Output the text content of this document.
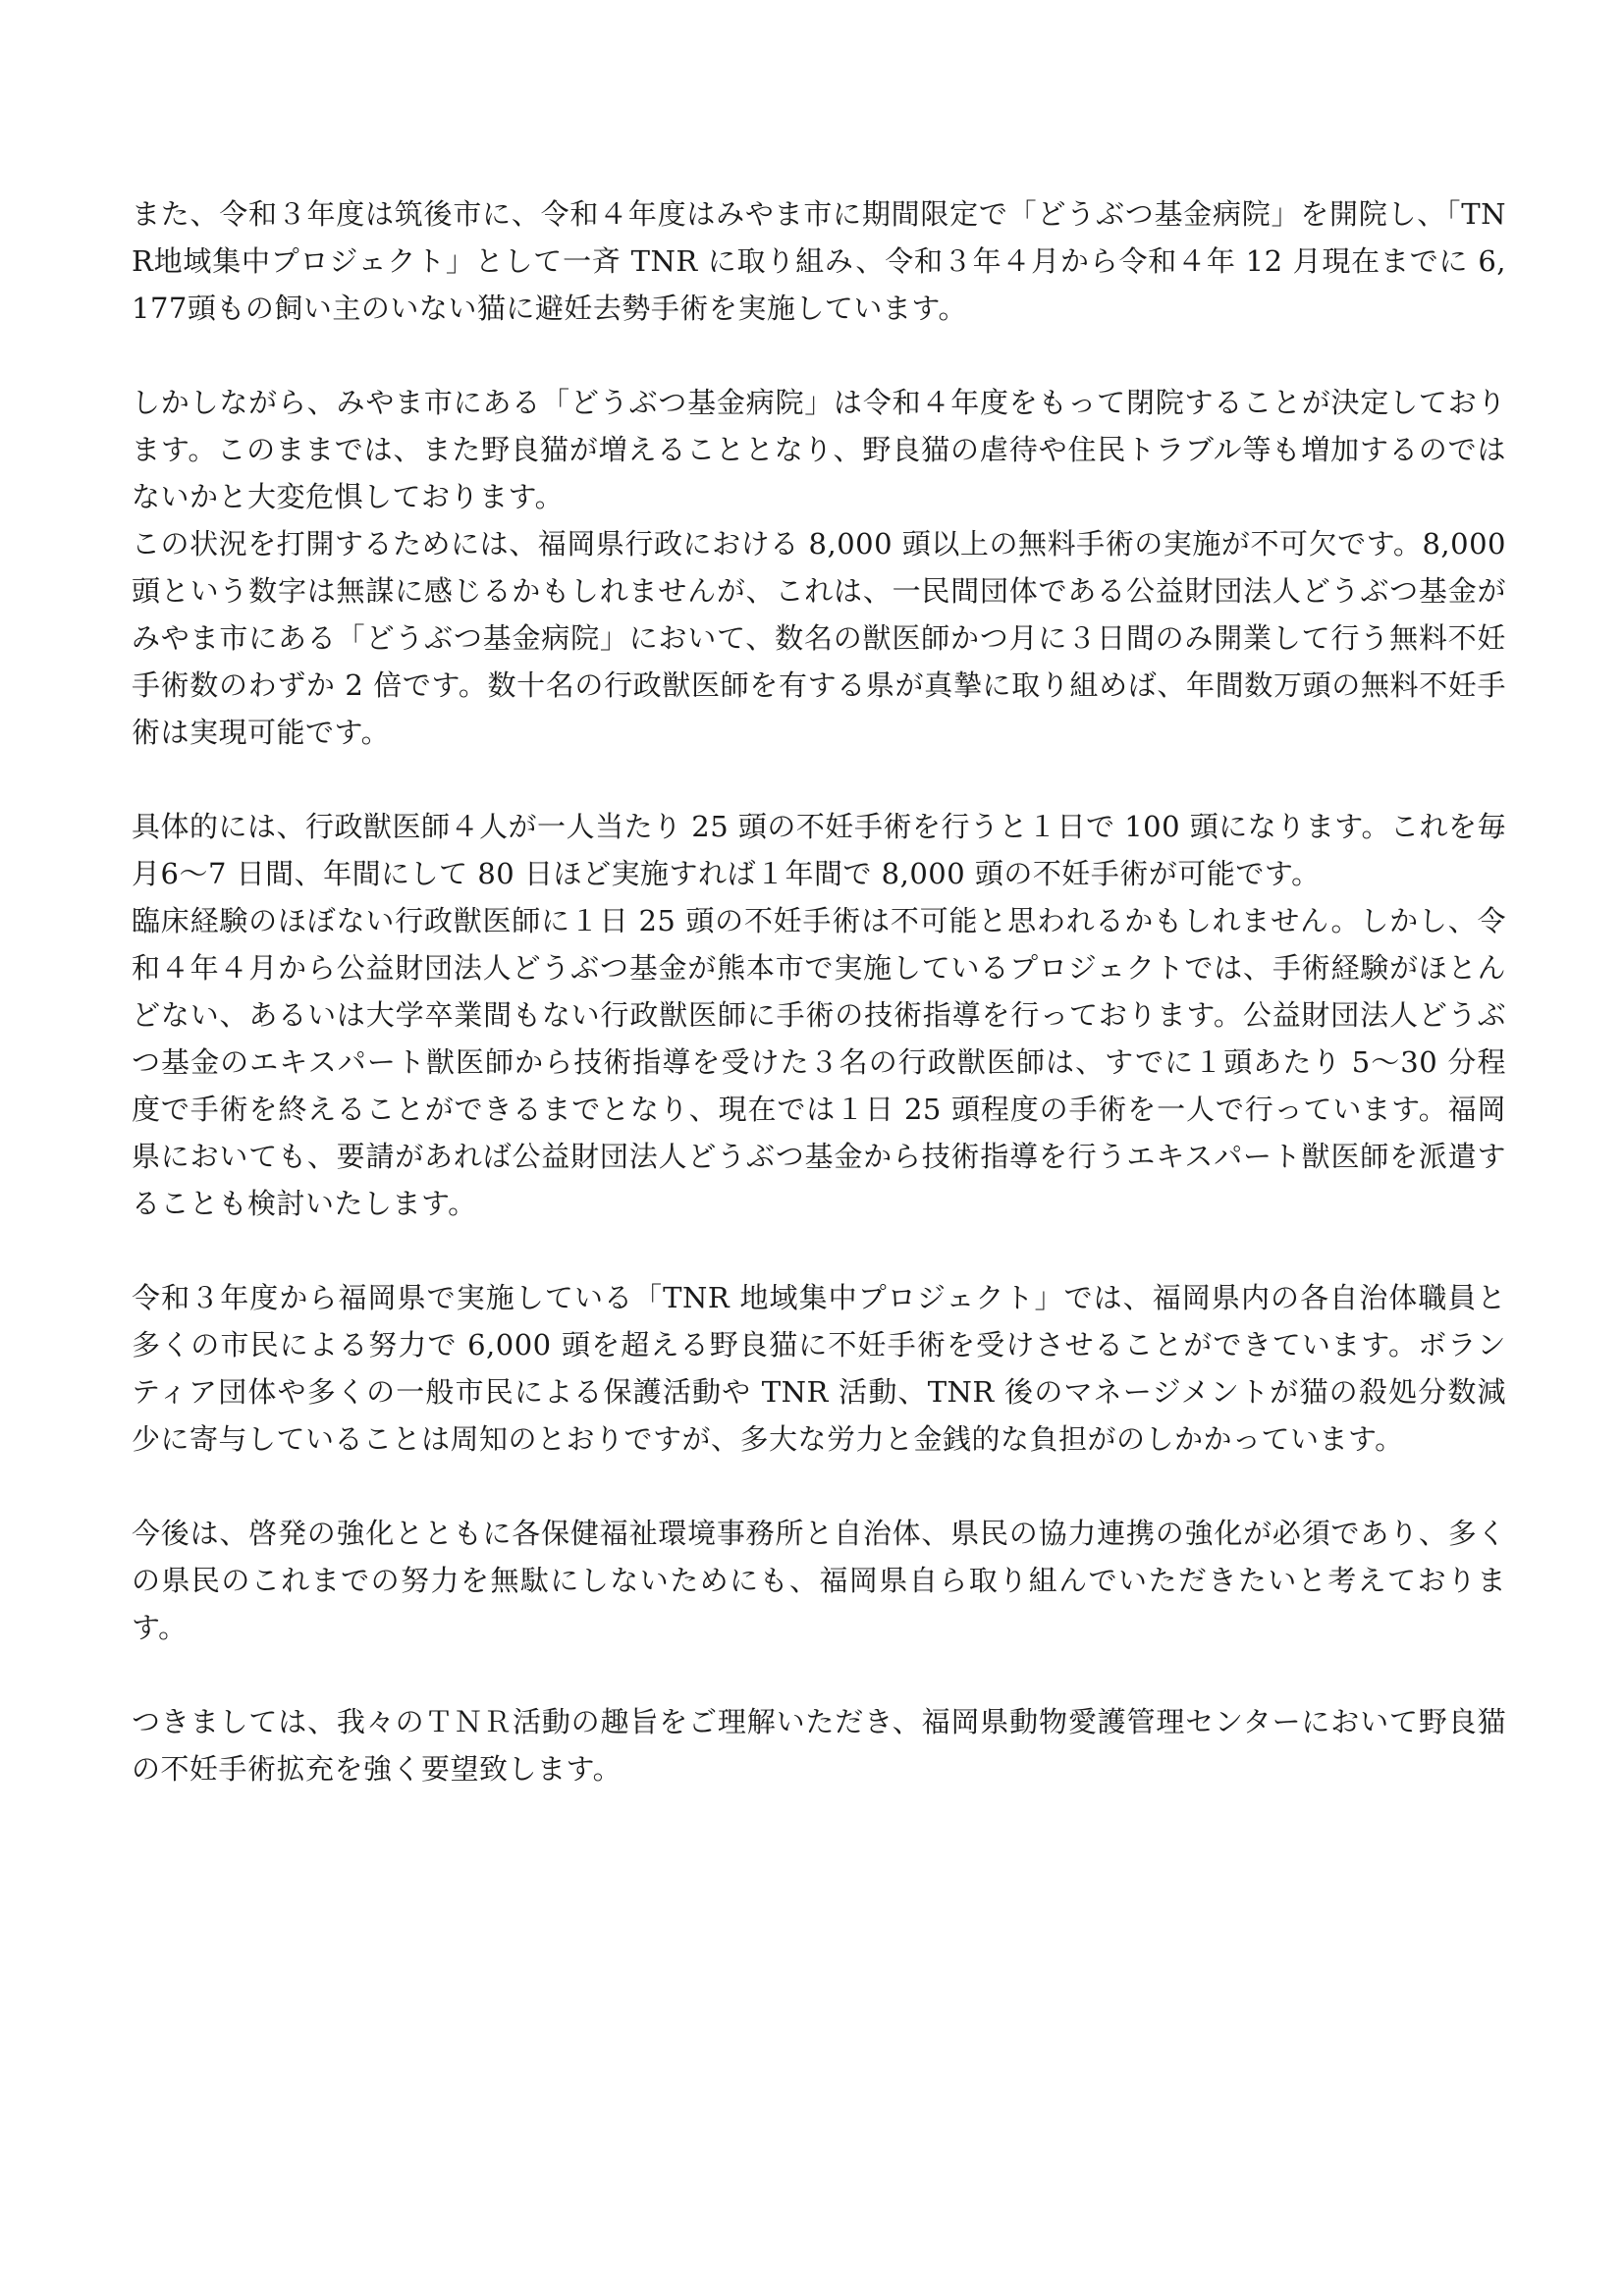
また、令和３年度は筑後市に、令和４年度はみやま市に期間限定で「どうぶつ基金病院」を開院し、「TNR地域集中プロジェクト」として一斉 TNR に取り組み、令和３年４月から令和４年 12 月現在までに 6,177頭もの飼い主のいない猫に避妊去勢手術を実施しています。

しかしながら、みやま市にある「どうぶつ基金病院」は令和４年度をもって閉院することが決定しております。このままでは、また野良猫が増えることとなり、野良猫の虐待や住民トラブル等も増加するのではないかと大変危惧しております。

この状況を打開するためには、福岡県行政における 8,000 頭以上の無料手術の実施が不可欠です。8,000 頭という数字は無謀に感じるかもしれませんが、これは、一民間団体である公益財団法人どうぶつ基金がみやま市にある「どうぶつ基金病院」において、数名の獣医師かつ月に３日間のみ開業して行う無料不妊手術数のわずか 2 倍です。数十名の行政獣医師を有する県が真摯に取り組めば、年間数万頭の無料不妊手術は実現可能です。

具体的には、行政獣医師４人が一人当たり 25 頭の不妊手術を行うと１日で 100 頭になります。これを毎月6〜7 日間、年間にして 80 日ほど実施すれば１年間で 8,000 頭の不妊手術が可能です。

臨床経験のほぼない行政獣医師に１日 25 頭の不妊手術は不可能と思われるかもしれません。しかし、令和４年４月から公益財団法人どうぶつ基金が熊本市で実施しているプロジェクトでは、手術経験がほとんどない、あるいは大学卒業間もない行政獣医師に手術の技術指導を行っております。公益財団法人どうぶつ基金のエキスパート獣医師から技術指導を受けた３名の行政獣医師は、すでに１頭あたり 5〜30 分程度で手術を終えることができるまでとなり、現在では１日 25 頭程度の手術を一人で行っています。福岡県においても、要請があれば公益財団法人どうぶつ基金から技術指導を行うエキスパート獣医師を派遣することも検討いたします。

令和３年度から福岡県で実施している「TNR 地域集中プロジェクト」では、福岡県内の各自治体職員と多くの市民による努力で 6,000 頭を超える野良猫に不妊手術を受けさせることができています。ボランティア団体や多くの一般市民による保護活動や TNR 活動、TNR 後のマネージメントが猫の殺処分数減少に寄与していることは周知のとおりですが、多大な労力と金銭的な負担がのしかかっています。

今後は、啓発の強化とともに各保健福祉環境事務所と自治体、県民の協力連携の強化が必須であり、多くの県民のこれまでの努力を無駄にしないためにも、福岡県自ら取り組んでいただきたいと考えております。

つきましては、我々のＴＮＲ活動の趣旨をご理解いただき、福岡県動物愛護管理センターにおいて野良猫の不妊手術拡充を強く要望致します。
